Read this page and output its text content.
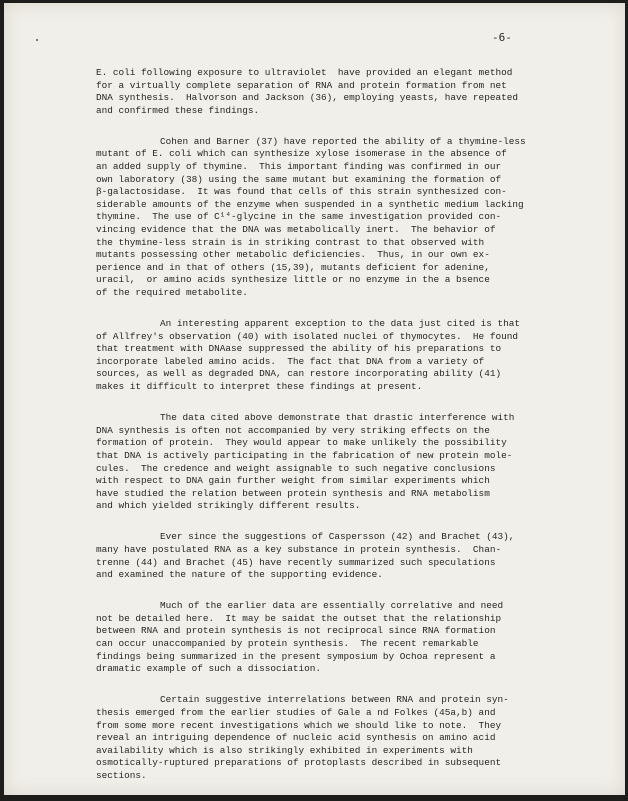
-6-
E. coli following exposure to ultraviolet  have provided an elegant method
for a virtually complete separation of RNA and protein formation from net
DNA synthesis.  Halvorson and Jackson (36), employing yeasts, have repeated
and confirmed these findings.
Cohen and Barner (37) have reported the ability of a thymine-less
mutant of E. coli which can synthesize xylose isomerase in the absence of
an added supply of thymine.  This important finding was confirmed in our
own laboratory (38) using the same mutant but examining the formation of
β-galactosidase.  It was found that cells of this strain synthesized con-
siderable amounts of the enzyme when suspended in a synthetic medium lacking
thymine.  The use of C¹⁴-glycine in the same investigation provided con-
vincing evidence that the DNA was metabolically inert.  The behavior of
the thymine-less strain is in striking contrast to that observed with
mutants possessing other metabolic deficiencies.  Thus, in our own ex-
perience and in that of others (15,39), mutants deficient for adenine,
uracil,  or amino acids synthesize little or no enzyme in the a bsence
of the required metabolite.
An interesting apparent exception to the data just cited is that
of Allfrey's observation (40) with isolated nuclei of thymocytes.  He found
that treatment with DNAase suppressed the ability of his preparations to
incorporate labeled amino acids.  The fact that DNA from a variety of
sources, as well as degraded DNA, can restore incorporating ability (41)
makes it difficult to interpret these findings at present.
The data cited above demonstrate that drastic interference with
DNA synthesis is often not accompanied by very striking effects on the
formation of protein.  They would appear to make unlikely the possibility
that DNA is actively participating in the fabrication of new protein mole-
cules.  The credence and weight assignable to such negative conclusions
with respect to DNA gain further weight from similar experiments which
have studied the relation between protein synthesis and RNA metabolism
and which yielded strikingly different results.
Ever since the suggestions of Caspersson (42) and Brachet (43),
many have postulated RNA as a key substance in protein synthesis.  Chan-
trenne (44) and Brachet (45) have recently summarized such speculations
and examined the nature of the supporting evidence.
Much of the earlier data are essentially correlative and need
not be detailed here.  It may be saidat the outset that the relationship
between RNA and protein synthesis is not reciprocal since RNA formation
can occur unaccompanied by protein synthesis.  The recent remarkable
findings being summarized in the present symposium by Ochoa represent a
dramatic example of such a dissociation.
Certain suggestive interrelations between RNA and protein syn-
thesis emerged from the earlier studies of Gale a nd Folkes (45a,b) and
from some more recent investigations which we should like to note.  They
reveal an intriguing dependence of nucleic acid synthesis on amino acid
availability which is also strikingly exhibited in experiments with
osmotically-ruptured preparations of protoplasts described in subsequent
sections.
